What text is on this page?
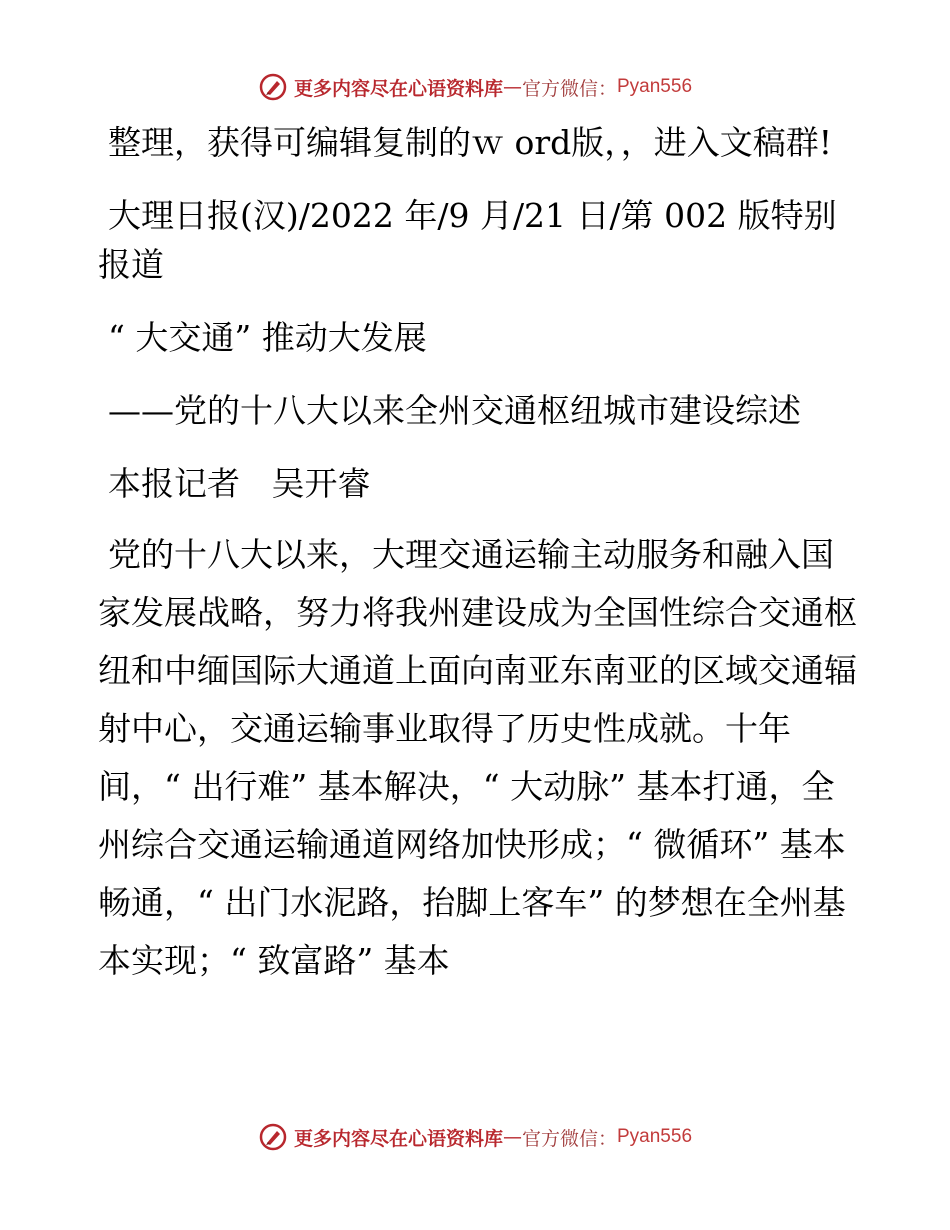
更多内容尽在心语资料库 — 官方微信： Pyan556

整理，获得可编辑复制的ｗ ord版，，进入文稿群!

大理日报(汉)/2022 年/9 月/21 日/第 002 版特别报道

“ 大交通” 推动大发展

——党的十八大以来全州交通枢纽城市建设综述

本报记者   吴开睿

党的十八大以来，大理交通运输主动服务和融入国家发展战略，努力将我州建设成为全国性综合交通枢纽和中缅国际大通道上面向南亚东南亚的区域交通辐射中心，交通运输事业取得了历史性成就。十年间，“ 出行难” 基本解决，“ 大动脉” 基本打通，全州综合交通运输通道网络加快形成；“ 微循环” 基本畅通，“ 出门水泥路，抬脚上客车” 的梦想在全州基本实现；“ 致富路” 基本

更多内容尽在心语资料库 — 官方微信： Pyan556
